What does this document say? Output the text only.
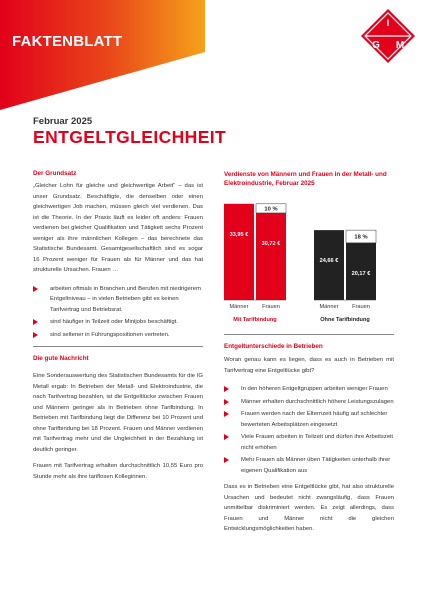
FAKTENBLATT
I
G M
Februar 2025
ENTGELTGLEICHHEIT
Der Grundsatz

„Gleicher Lohn für gleiche und gleichwertige Arbeit“ – das ist unser Grundsatz. Beschäftigte, die denselben oder einen gleichwertigen Job machen, müssen gleich viel verdienen. Das ist die Theorie. In der Praxis läuft es leider oft anders: Frauen verdienen bei gleicher Qualifikation und Tätigkeit sechs Prozent weniger als ihre männlichen Kollegen – das berechnete das Statistische Bundesamt. Gesamtgesellschaftlich sind es sogar 16 Prozent weniger für Frauen als für Männer und das hat strukturelle Ursachen. Frauen …

arbeiten oftmals in Branchen und Berufen mit niedrigerem Entgeltniveau – in vielen Betrieben gibt es keinen Tarifvertrag und Betriebsrat.
sind häufiger in Teilzeit oder Minijobs beschäftigt.
sind seltener in Führungspositionen vertreten.
Die gute Nachricht

Eine Sonderauswertung des Statistischen Bundesamts für die IG Metall ergab: In Betrieben der Metall- und Elektroindustrie, die nach Tarifvertrag bezahlen, ist die Entgeltlücke zwischen Frauen und Männern geringer als in Betrieben ohne Tarifbindung. In Betrieben mit Tarifbindung liegt die Differenz bei 10 Prozent und ohne Tarifbindung bei 18 Prozent. Frauen und Männer verdienen mit Tarifvertrag mehr und die Ungleichheit in der Bezahlung ist deutlich geringer.

Frauen mit Tarifvertrag erhalten durchschnittlich 10,55 Euro pro Stunde mehr als ihre tariflosen Kolleginnen.

Verdienste von Männern und Frauen in der Metall- und Elektroindustrie, Februar 2025
33,95 €
Männer
30,72 €
Frauen
10 %
Mit Tarifbindung
24,66 €
Männer
20,17 €
Frauen
18 %
Ohne Tarifbindung
Entgeltunterschiede in Betrieben

Woran genau kann es liegen, dass es auch in Betrieben mit Tarifvertrag eine Entgeltlücke gibt?

In den höheren Entgeltgruppen arbeiten weniger Frauen
Männer erhalten durchschnittlich höhere Leistungszulagen
Frauen werden nach der Elternzeit häufig auf schlechter bewerteten Arbeitsplätzen eingesetzt
Viele Frauen arbeiten in Teilzeit und dürfen ihre Arbeitszeit nicht erhöhen
Mehr Frauen als Männer üben Tätigkeiten unterhalb ihrer eigenen Qualifikation aus

Dass es in Betrieben eine Entgeltlücke gibt, hat also strukturelle Ursachen und bedeutet nicht zwangsläufig, dass Frauen unmittelbar diskriminiert werden. Es zeigt allerdings, dass Frauen und Männer nicht die gleichen Entwicklungsmöglichkeiten haben.
